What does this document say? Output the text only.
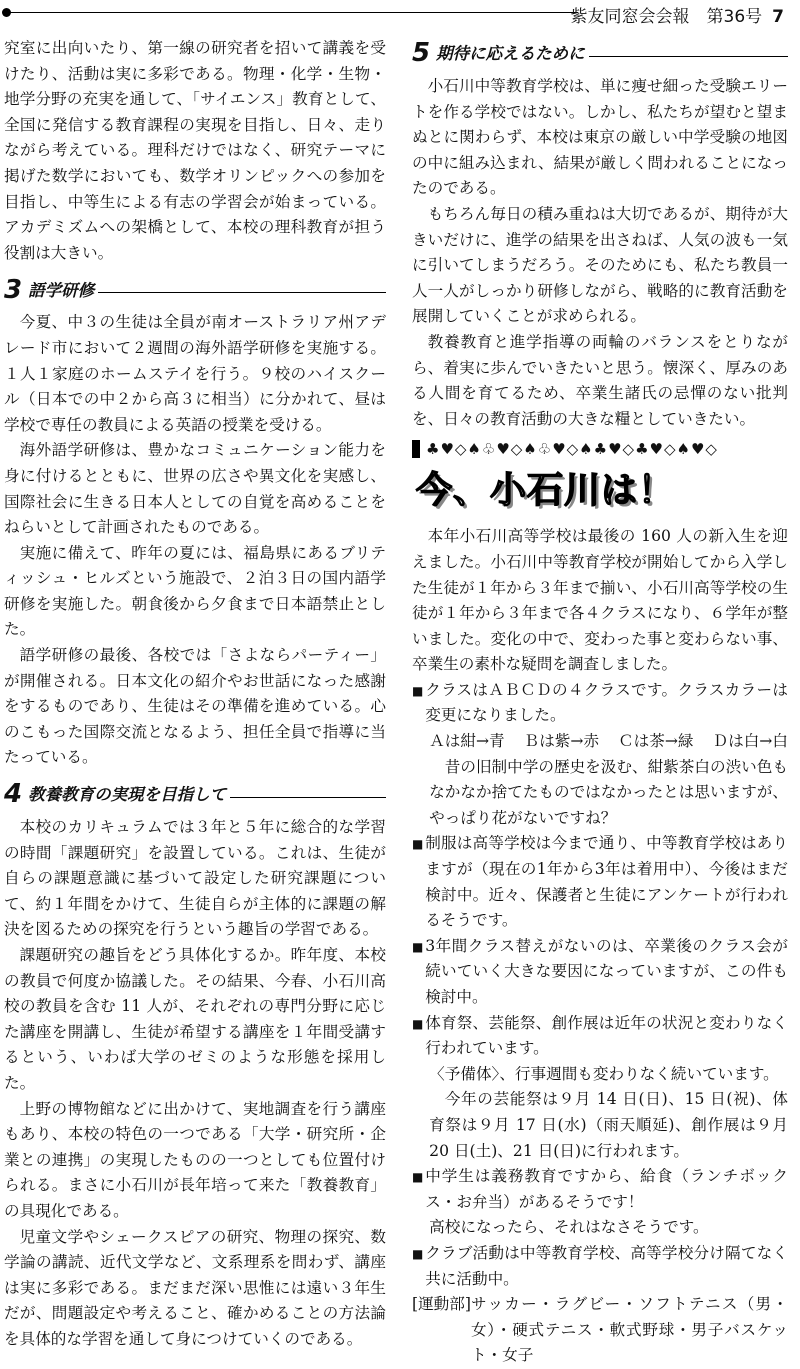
紫友同窓会会報　第36号 7

究室に出向いたり、第一線の研究者を招いて講義を受けたり、活動は実に多彩である。物理・化学・生物・地学分野の充実を通して、「サイエンス」教育として、全国に発信する教育課程の実現を目指し、日々、走りながら考えている。理科だけではなく、研究テーマに掲げた数学においても、数学オリンピックへの参加を目指し、中等生による有志の学習会が始まっている。アカデミズムへの架橋として、本校の理科教育が担う役割は大きい。

3 語学研修

今夏、中３の生徒は全員が南オーストラリア州アデレード市において２週間の海外語学研修を実施する。１人１家庭のホームステイを行う。９校のハイスクール（日本での中２から高３に相当）に分かれて、昼は学校で専任の教員による英語の授業を受ける。

海外語学研修は、豊かなコミュニケーション能力を身に付けるとともに、世界の広さや異文化を実感し、国際社会に生きる日本人としての自覚を高めることをねらいとして計画されたものである。

実施に備えて、昨年の夏には、福島県にあるブリティッシュ・ヒルズという施設で、２泊３日の国内語学研修を実施した。朝食後から夕食まで日本語禁止とした。

語学研修の最後、各校では「さよならパーティー」が開催される。日本文化の紹介やお世話になった感謝をするものであり、生徒はその準備を進めている。心のこもった国際交流となるよう、担任全員で指導に当たっている。

4 教養教育の実現を目指して

本校のカリキュラムでは３年と５年に総合的な学習の時間「課題研究」を設置している。これは、生徒が自らの課題意識に基づいて設定した研究課題について、約１年間をかけて、生徒自らが主体的に課題の解決を図るための探究を行うという趣旨の学習である。

課題研究の趣旨をどう具体化するか。昨年度、本校の教員で何度か協議した。その結果、今春、小石川高校の教員を含む 11 人が、それぞれの専門分野に応じた講座を開講し、生徒が希望する講座を１年間受講するという、いわば大学のゼミのような形態を採用した。

上野の博物館などに出かけて、実地調査を行う講座もあり、本校の特色の一つである「大学・研究所・企業との連携」の実現したものの一つとしても位置付けられる。まさに小石川が長年培って来た「教養教育」の具現化である。

児童文学やシェークスピアの研究、物理の探究、数学論の講読、近代文学など、文系理系を問わず、講座は実に多彩である。まだまだ深い思惟には遠い３年生だが、問題設定や考えること、確かめることの方法論を具体的な学習を通して身につけていくのである。

5 期待に応えるために

小石川中等教育学校は、単に痩せ細った受験エリートを作る学校ではない。しかし、私たちが望むと望まぬとに関わらず、本校は東京の厳しい中学受験の地図の中に組み込まれ、結果が厳しく問われることになったのである。

もちろん毎日の積み重ねは大切であるが、期待が大きいだけに、進学の結果を出さねば、人気の波も一気に引いてしまうだろう。そのためにも、私たち教員一人一人がしっかり研修しながら、戦略的に教育活動を展開していくことが求められる。

教養教育と進学指導の両輪のバランスをとりながら、着実に歩んでいきたいと思う。懐深く、厚みのある人間を育てるため、卒業生諸氏の忌憚のない批判を、日々の教育活動の大きな糧としていきたい。

♣♥◇♠♧♥◇♠♧♥◇♠♣♥◇♣♥◇♠♥◇
今、小石川は！

本年小石川高等学校は最後の 160 人の新入生を迎えました。小石川中等教育学校が開始してから入学した生徒が１年から３年まで揃い、小石川高等学校の生徒が１年から３年まで各４クラスになり、６学年が整いました。変化の中で、変わった事と変わらない事、卒業生の素朴な疑問を調査しました。

■ クラスはＡＢＣＤの４クラスです。クラスカラーは変更になりました。
Ａは紺→青 Ｂは紫→赤 Ｃは茶→緑 Ｄは白→白
昔の旧制中学の歴史を汲む、紺紫茶白の渋い色もなかなか捨てたものではなかったとは思いますが、やっぱり花がないですね？
■ 制服は高等学校は今まで通り、中等教育学校はありますが（現在の1年から3年は着用中）、今後はまだ検討中。近々、保護者と生徒にアンケートが行われるそうです。
■ 3年間クラス替えがないのは、卒業後のクラス会が続いていく大きな要因になっていますが、この件も検討中。
■ 体育祭、芸能祭、創作展は近年の状況と変わりなく行われています。
〈予備体〉、行事週間も変わりなく続いています。
今年の芸能祭は９月 14 日(日)、15 日(祝)、体育祭は９月 17 日(水)（雨天順延)、創作展は９月 20 日(土)、21 日(日)に行われます。
■ 中学生は義務教育ですから、給食（ランチボックス・お弁当）があるそうです！
高校になったら、それはなさそうです。
■ クラブ活動は中等教育学校、高等学校分け隔てなく共に活動中。
[運動部] サッカー・ラグビー・ソフトテニス（男・女）・硬式テニス・軟式野球・男子バスケット・女子
